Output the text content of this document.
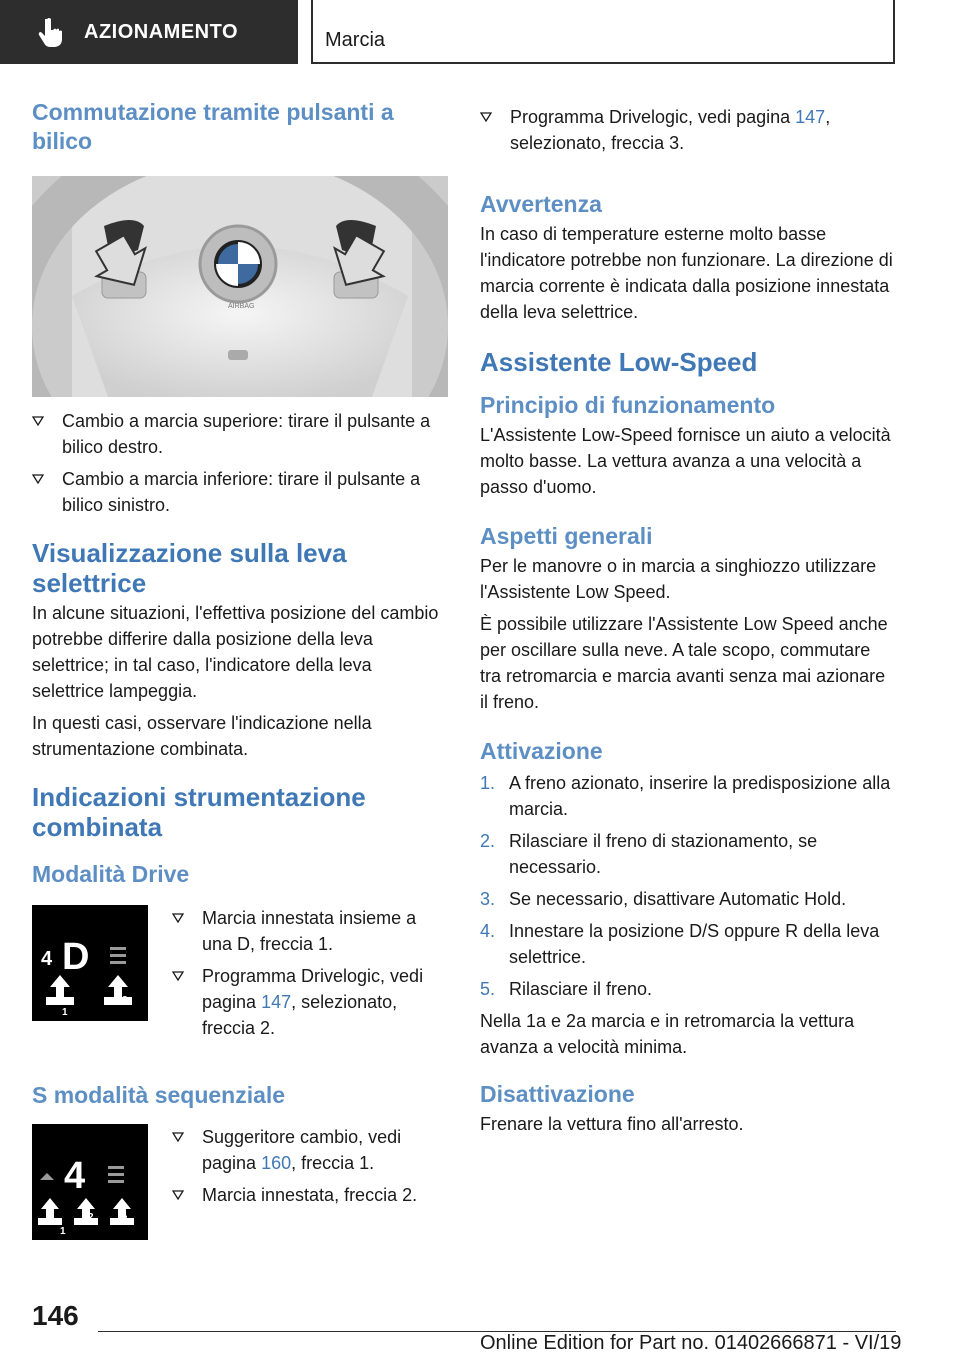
AZIONAMENTO	Marcia
Commutazione tramite pulsanti a bilico
AIRBAG
Cambio a marcia superiore: tirare il pulsante a bilico destro.
Cambio a marcia inferiore: tirare il pulsante a bilico sinistro.
Visualizzazione sulla leva selettrice

In alcune situazioni, l'effettiva posizione del cambio potrebbe differire dalla posizione della leva selettrice; in tal caso, l'indicatore della leva selettrice lampeggia.

In questi casi, osservare l'indicazione nella strumentazione combinata.

Indicazioni strumentazione combinata
Modalità Drive
4 D
1
2
Marcia innestata insieme a una D, freccia 1.
Programma Drivelogic, vedi pagina 147, selezionato, freccia 2.
S modalità sequenziale
4
1
2	3
Suggeritore cambio, vedi pagina 160, freccia 1.
Marcia innestata, freccia 2.
Programma Drivelogic, vedi pagina 147, selezionato, freccia 3.
Avvertenza

In caso di temperature esterne molto basse l'indicatore potrebbe non funzionare. La direzione di marcia corrente è indicata dalla posizione innestata della leva selettrice.

Assistente Low-Speed
Principio di funzionamento

L'Assistente Low-Speed fornisce un aiuto a velocità molto basse. La vettura avanza a una velocità a passo d'uomo.

Aspetti generali

Per le manovre o in marcia a singhiozzo utilizzare l'Assistente Low Speed.

È possibile utilizzare l'Assistente Low Speed anche per oscillare sulla neve. A tale scopo, commutare tra retromarcia e marcia avanti senza mai azionare il freno.

Attivazione
1. A freno azionato, inserire la predisposizione alla marcia.
2. Rilasciare il freno di stazionamento, se necessario.
3. Se necessario, disattivare Automatic Hold.
4. Innestare la posizione D/S oppure R della leva selettrice.
5. Rilasciare il freno.

Nella 1a e 2a marcia e in retromarcia la vettura avanza a velocità minima.

Disattivazione

Frenare la vettura fino all'arresto.

146
Online Edition for Part no. 01402666871 - VI/19
